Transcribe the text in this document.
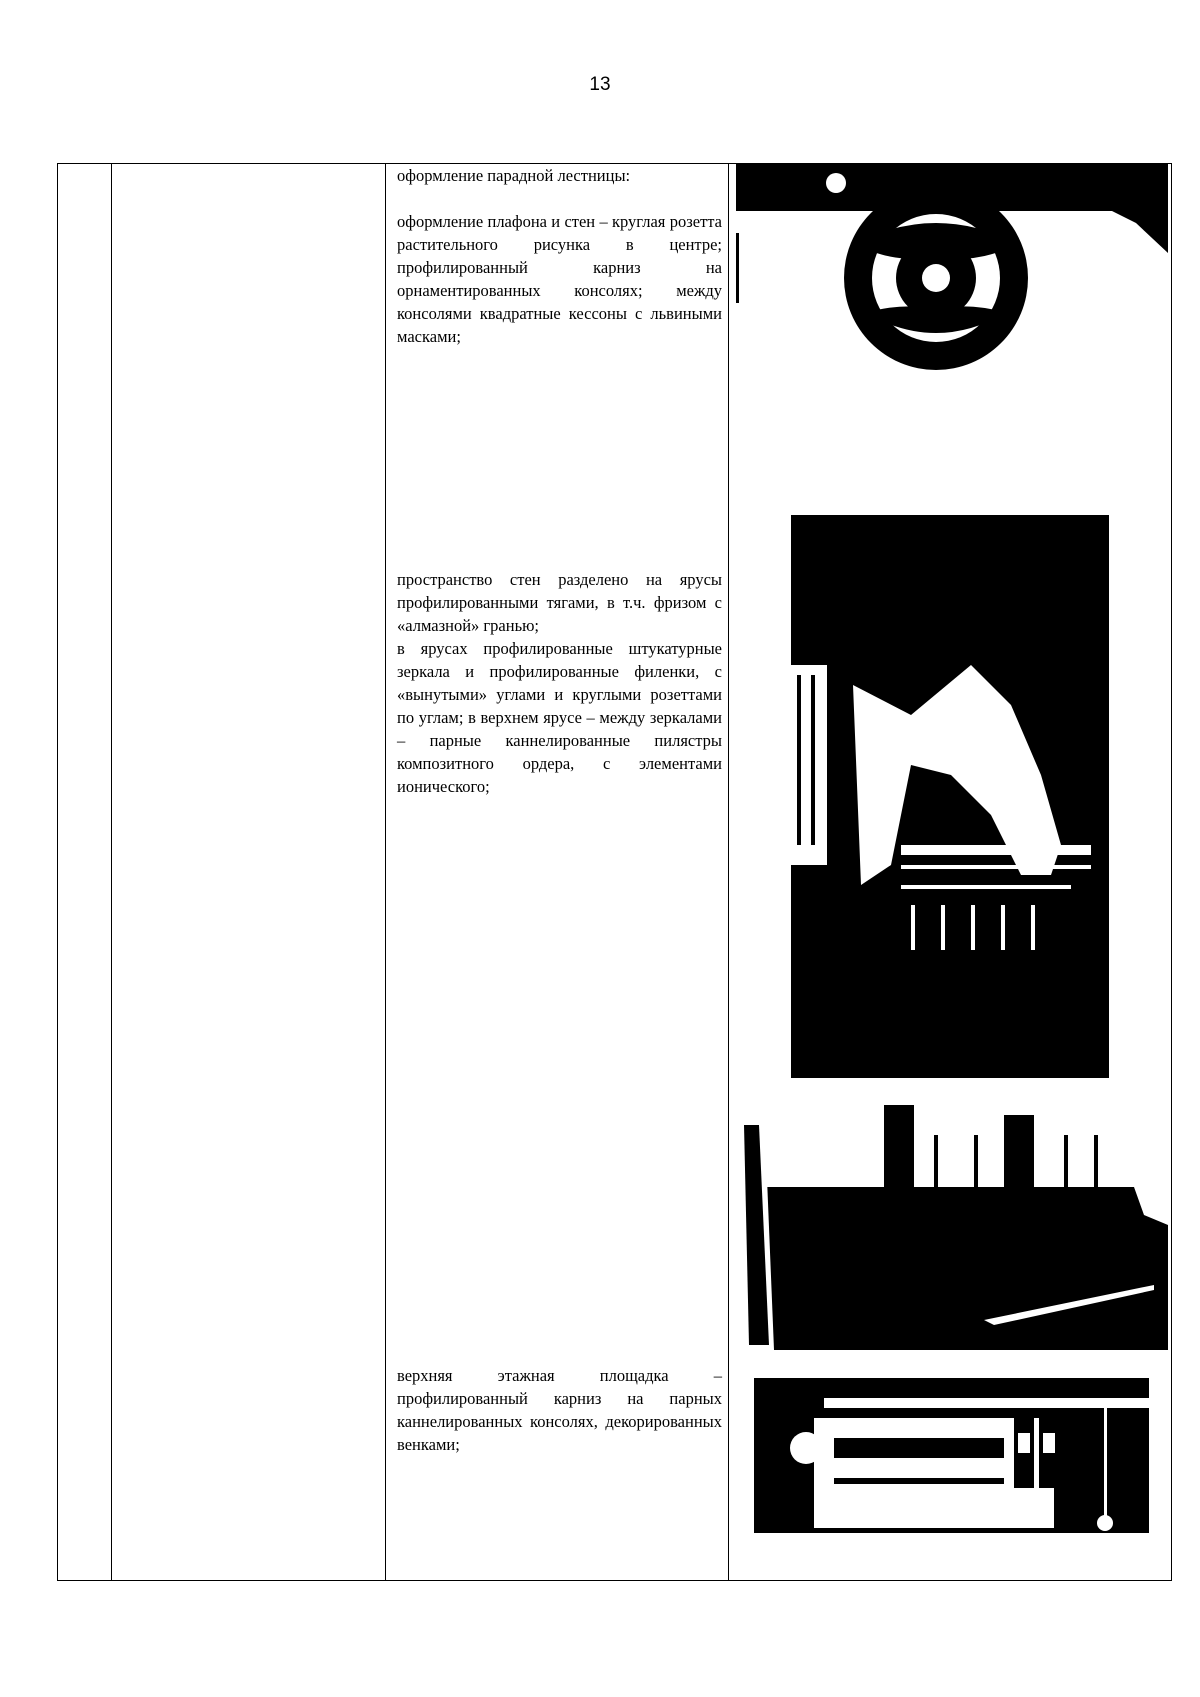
13

оформление парадной лестницы:

оформление плафона и стен – круглая розетта растительного рисунка в центре; профилированный карниз на орнаментированных консолях; между консолями квадратные кессоны с львиными масками;

пространство стен разделено на ярусы профилированными тягами, в т.ч. фризом с «алмазной» гранью;

в ярусах профилированные штукатурные зеркала и профилированные филенки, с «вынутыми» углами и круглыми розеттами по углам; в верхнем ярусе – между зеркалами – парные каннелированные пилястры композитного ордера, с элементами ионического;

верхняя этажная площадка – профилированный карниз на парных каннелированных консолях, декорированных венками;
